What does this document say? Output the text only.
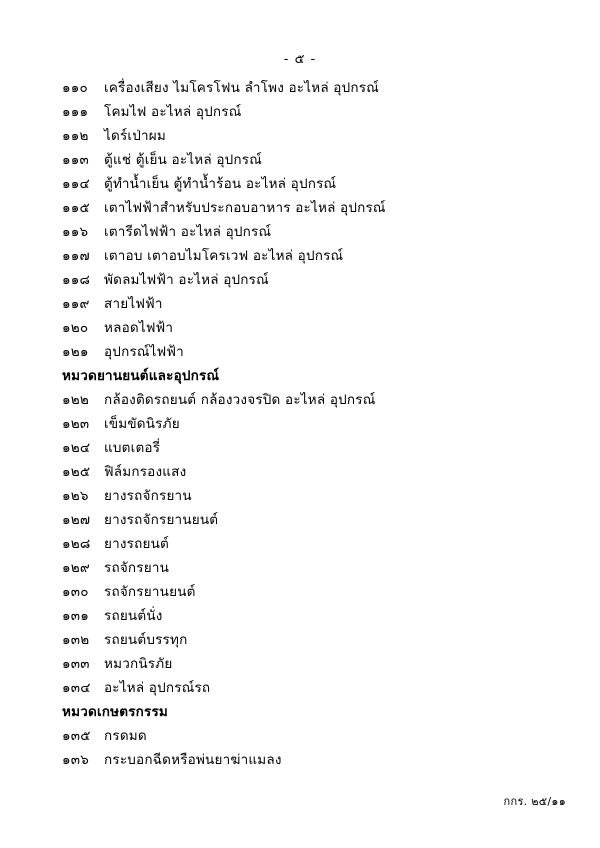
- ๕ -
๑๑๐	เครื่องเสียง ไมโครโฟน ลำโพง อะไหล่ อุปกรณ์
๑๑๑	โคมไฟ อะไหล่ อุปกรณ์
๑๑๒	ไดร์เป่าผม
๑๑๓	ตู้แช่ ตู้เย็น อะไหล่ อุปกรณ์
๑๑๔	ตู้ทำน้ำเย็น ตู้ทำน้ำร้อน อะไหล่ อุปกรณ์
๑๑๕	เตาไฟฟ้าสำหรับประกอบอาหาร อะไหล่ อุปกรณ์
๑๑๖	เตารีดไฟฟ้า อะไหล่ อุปกรณ์
๑๑๗	เตาอบ เตาอบไมโครเวฟ อะไหล่ อุปกรณ์
๑๑๘	พัดลมไฟฟ้า อะไหล่ อุปกรณ์
๑๑๙	สายไฟฟ้า
๑๒๐	หลอดไฟฟ้า
๑๒๑	อุปกรณ์ไฟฟ้า
หมวดยานยนต์และอุปกรณ์
๑๒๒	กล้องติดรถยนต์ กล้องวงจรปิด อะไหล่ อุปกรณ์
๑๒๓	เข็มขัดนิรภัย
๑๒๔	แบตเตอรี่
๑๒๕	ฟิล์มกรองแสง
๑๒๖	ยางรถจักรยาน
๑๒๗	ยางรถจักรยานยนต์
๑๒๘	ยางรถยนต์
๑๒๙	รถจักรยาน
๑๓๐	รถจักรยานยนต์
๑๓๑	รถยนต์นั่ง
๑๓๒	รถยนต์บรรทุก
๑๓๓	หมวกนิรภัย
๑๓๔ อะไหล่ อุปกรณ์รถ
หมวดเกษตรกรรม
๑๓๕ กรดมด
๑๓๖	กระบอกฉีดหรือพ่นยาฆ่าแมลง
กกร. ๒๕/๑๑
